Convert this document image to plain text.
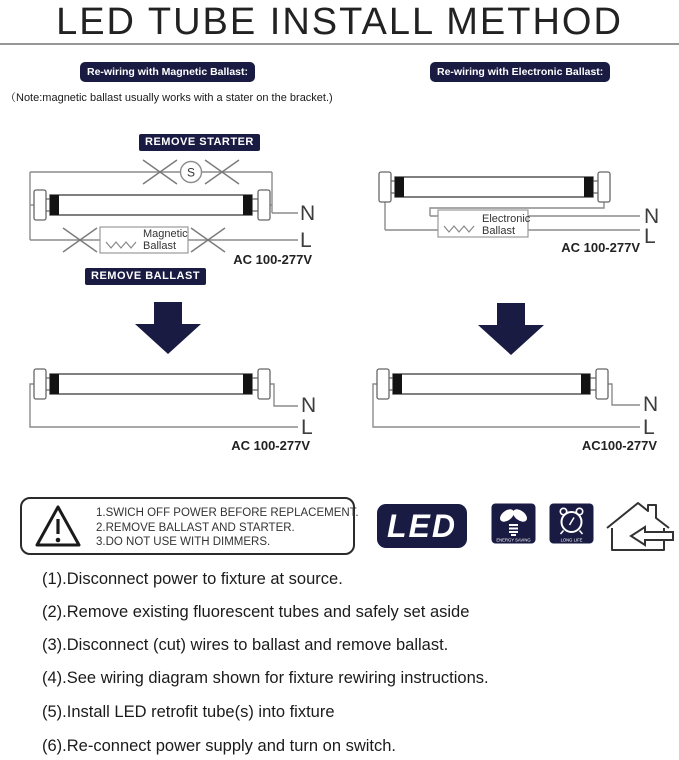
LED TUBE INSTALL METHOD
Re-wiring with Magnetic Ballast:	Re-wiring with Electronic Ballast:
（Note:magnetic ballast usually works with a stater on the bracket.)
REMOVE STARTER
REMOVE BALLAST
S
Magnetic
Ballast
N
L
AC 100-277V
Electronic
Ballast
N
L
AC 100-277V
N
L
AC 100-277V
N
L
AC100-277V
1.SWICH OFF POWER BEFORE REPLACEMENT.
2.REMOVE BALLAST AND STARTER.
3.DO NOT USE WITH DIMMERS.	LED	ENERGY SAVING	LONG LIFE
(1).Disconnect power to fixture at source.
(2).Remove existing fluorescent tubes and safely set aside
(3).Disconnect (cut) wires to ballast and remove ballast.
(4).See wiring diagram shown for fixture rewiring instructions.
(5).Install LED retrofit tube(s) into fixture
(6).Re-connect power supply and turn on switch.
